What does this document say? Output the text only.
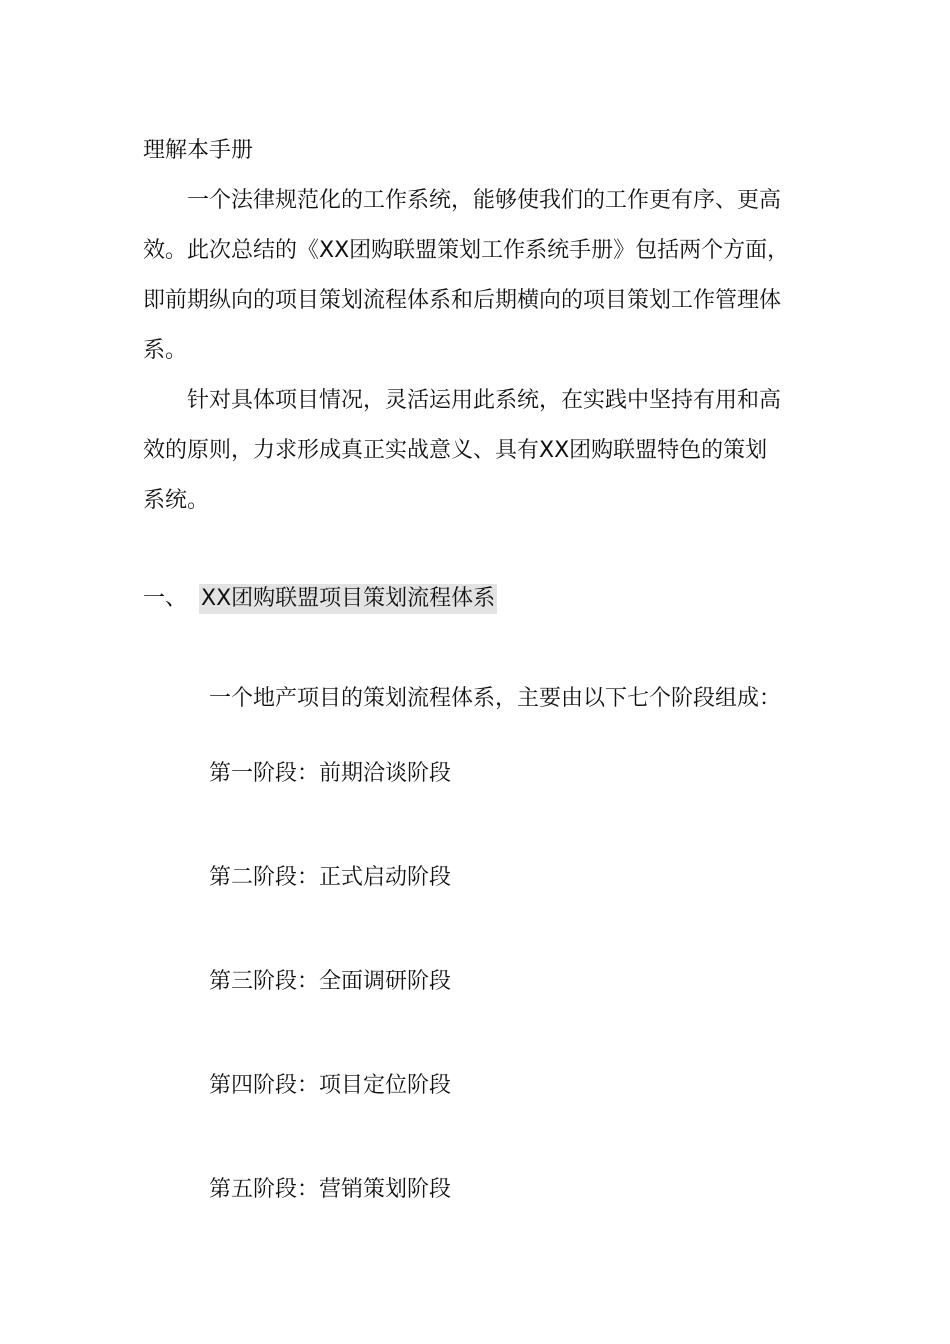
理解本手册
一个法律规范化的工作系统，能够使我们的工作更有序、更高
效。此次总结的《XX团购联盟策划工作系统手册》包括两个方面，
即前期纵向的项目策划流程体系和后期横向的项目策划工作管理体
系。
针对具体项目情况，灵活运用此系统，在实践中坚持有用和高
效的原则，力求形成真正实战意义、具有XX团购联盟特色的策划
系统。
一、 XX团购联盟项目策划流程体系
一个地产项目的策划流程体系，主要由以下七个阶段组成：
第一阶段：前期洽谈阶段
第二阶段：正式启动阶段
第三阶段：全面调研阶段
第四阶段：项目定位阶段
第五阶段：营销策划阶段
